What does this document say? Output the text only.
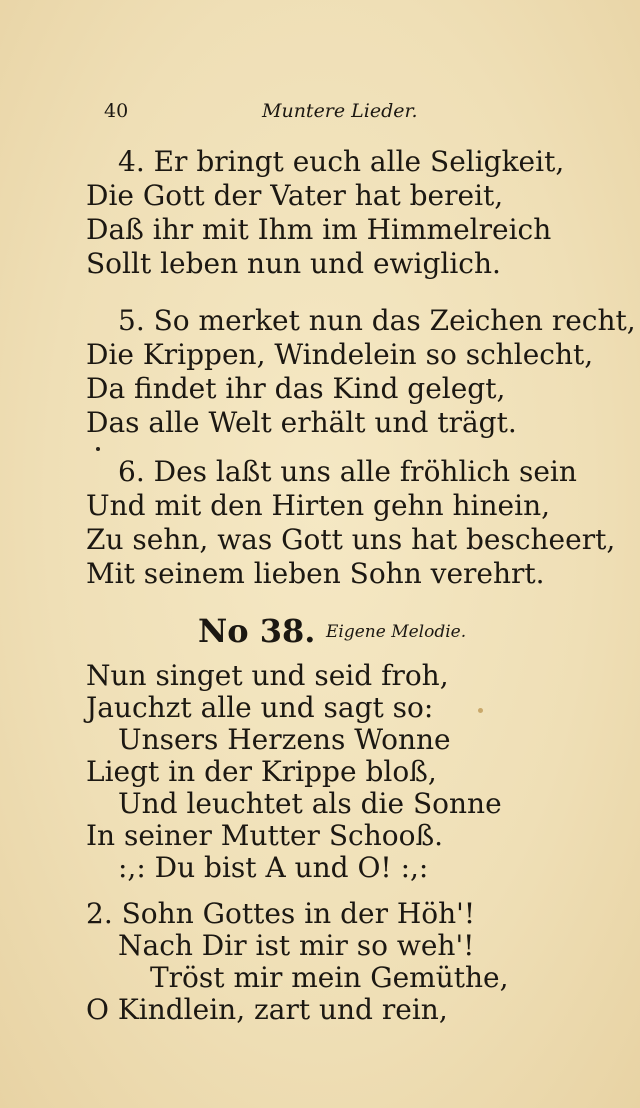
40	Muntere Lieder.
4. Er bringt euch alle Seligkeit,
Die Gott der Vater hat bereit,
Daß ihr mit Ihm im Himmelreich
Sollt leben nun und ewiglich.
5. So merket nun das Zeichen recht,
Die Krippen, Windelein so schlecht,
Da findet ihr das Kind gelegt,
Das alle Welt erhält und trägt.
6. Des laßt uns alle fröhlich sein
Und mit den Hirten gehn hinein,
Zu sehn, was Gott uns hat bescheert,
Mit seinem lieben Sohn verehrt.
No 38. Eigene Melodie.
Nun singet und seid froh,
Jauchzt alle und sagt so:
Unsers Herzens Wonne
Liegt in der Krippe bloß,
Und leuchtet als die Sonne
In seiner Mutter Schooß.
:,: Du bist A und O! :,:
2. Sohn Gottes in der Höh'!
Nach Dir ist mir so weh'!
Tröst mir mein Gemüthe,
O Kindlein, zart und rein,
